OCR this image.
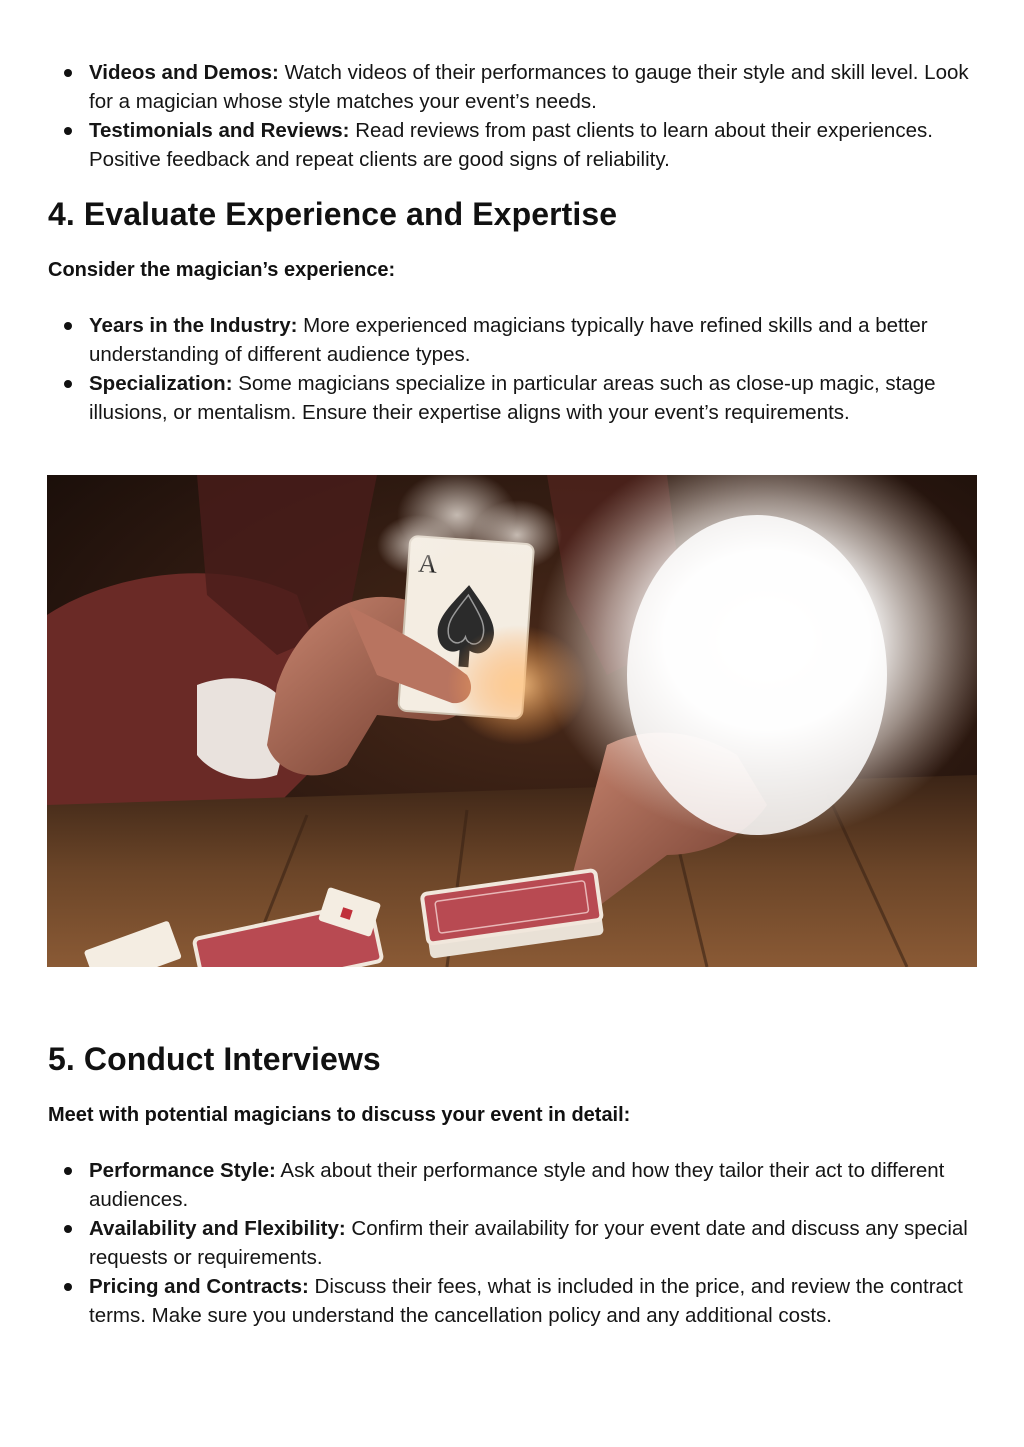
Videos and Demos: Watch videos of their performances to gauge their style and skill level. Look for a magician whose style matches your event’s needs.
Testimonials and Reviews: Read reviews from past clients to learn about their experiences. Positive feedback and repeat clients are good signs of reliability.
4. Evaluate Experience and Expertise

Consider the magician’s experience:

Years in the Industry: More experienced magicians typically have refined skills and a better understanding of different audience types.
Specialization: Some magicians specialize in particular areas such as close-up magic, stage illusions, or mentalism. Ensure their expertise aligns with your event’s requirements.
5. Conduct Interviews

Meet with potential magicians to discuss your event in detail:

Performance Style: Ask about their performance style and how they tailor their act to different audiences.
Availability and Flexibility: Confirm their availability for your event date and discuss any special requests or requirements.
Pricing and Contracts: Discuss their fees, what is included in the price, and review the contract terms. Make sure you understand the cancellation policy and any additional costs.
